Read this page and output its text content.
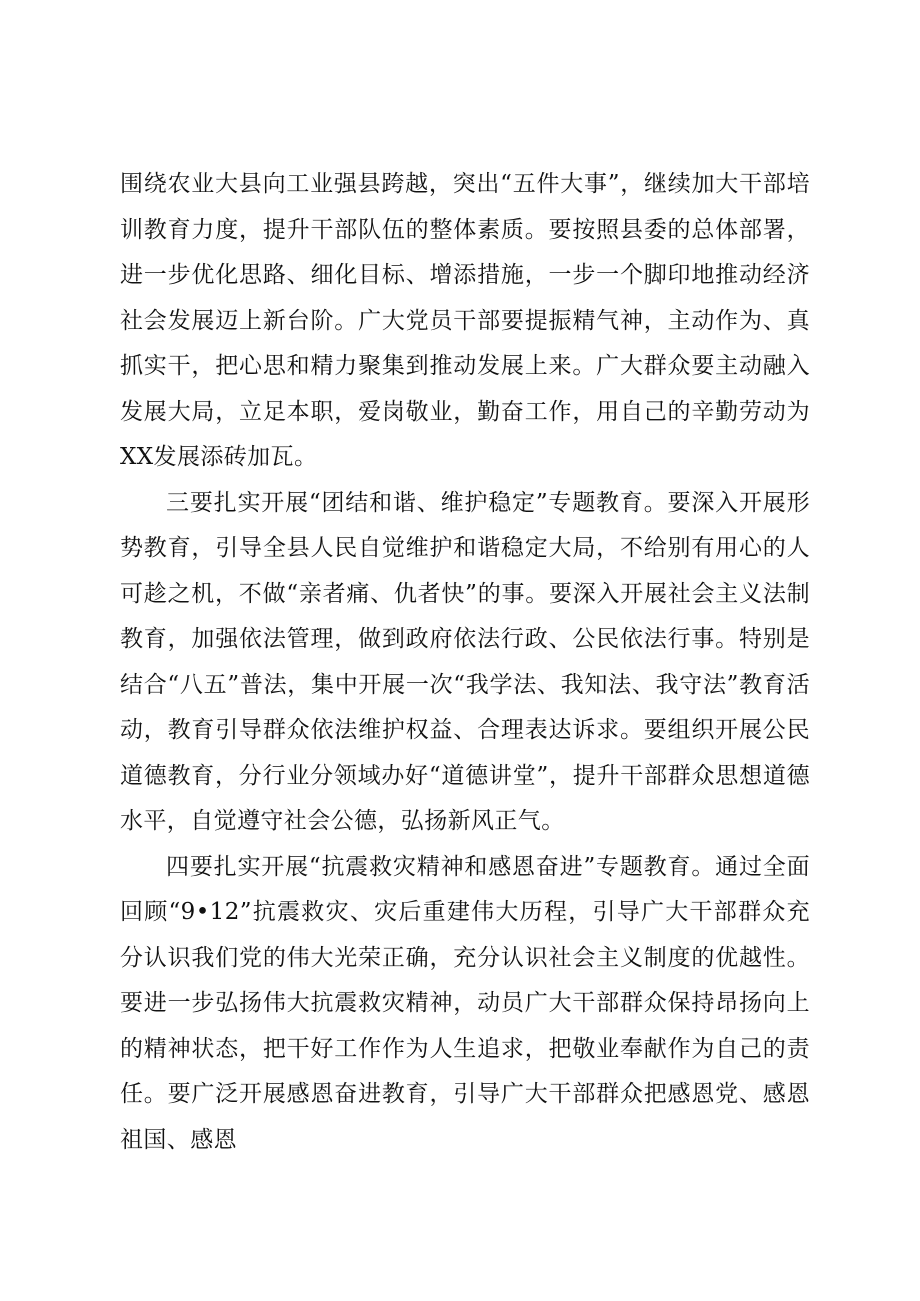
围绕农业大县向工业强县跨越，突出“五件大事”，继续加大干部培训教育力度，提升干部队伍的整体素质。要按照县委的总体部署，进一步优化思路、细化目标、增添措施，一步一个脚印地推动经济社会发展迈上新台阶。广大党员干部要提振精气神，主动作为、真抓实干，把心思和精力聚集到推动发展上来。广大群众要主动融入发展大局，立足本职，爱岗敬业，勤奋工作，用自己的辛勤劳动为XX发展添砖加瓦。

三要扎实开展“团结和谐、维护稳定”专题教育。要深入开展形势教育，引导全县人民自觉维护和谐稳定大局，不给别有用心的人可趁之机，不做“亲者痛、仇者快”的事。要深入开展社会主义法制教育，加强依法管理，做到政府依法行政、公民依法行事。特别是结合“八五”普法，集中开展一次“我学法、我知法、我守法”教育活动，教育引导群众依法维护权益、合理表达诉求。要组织开展公民道德教育，分行业分领域办好“道德讲堂”，提升干部群众思想道德水平，自觉遵守社会公德，弘扬新风正气。

四要扎实开展“抗震救灾精神和感恩奋进”专题教育。通过全面回顾“9•12”抗震救灾、灾后重建伟大历程，引导广大干部群众充分认识我们党的伟大光荣正确，充分认识社会主义制度的优越性。要进一步弘扬伟大抗震救灾精神，动员广大干部群众保持昂扬向上的精神状态，把干好工作作为人生追求，把敬业奉献作为自己的责任。要广泛开展感恩奋进教育，引导广大干部群众把感恩党、感恩祖国、感恩
